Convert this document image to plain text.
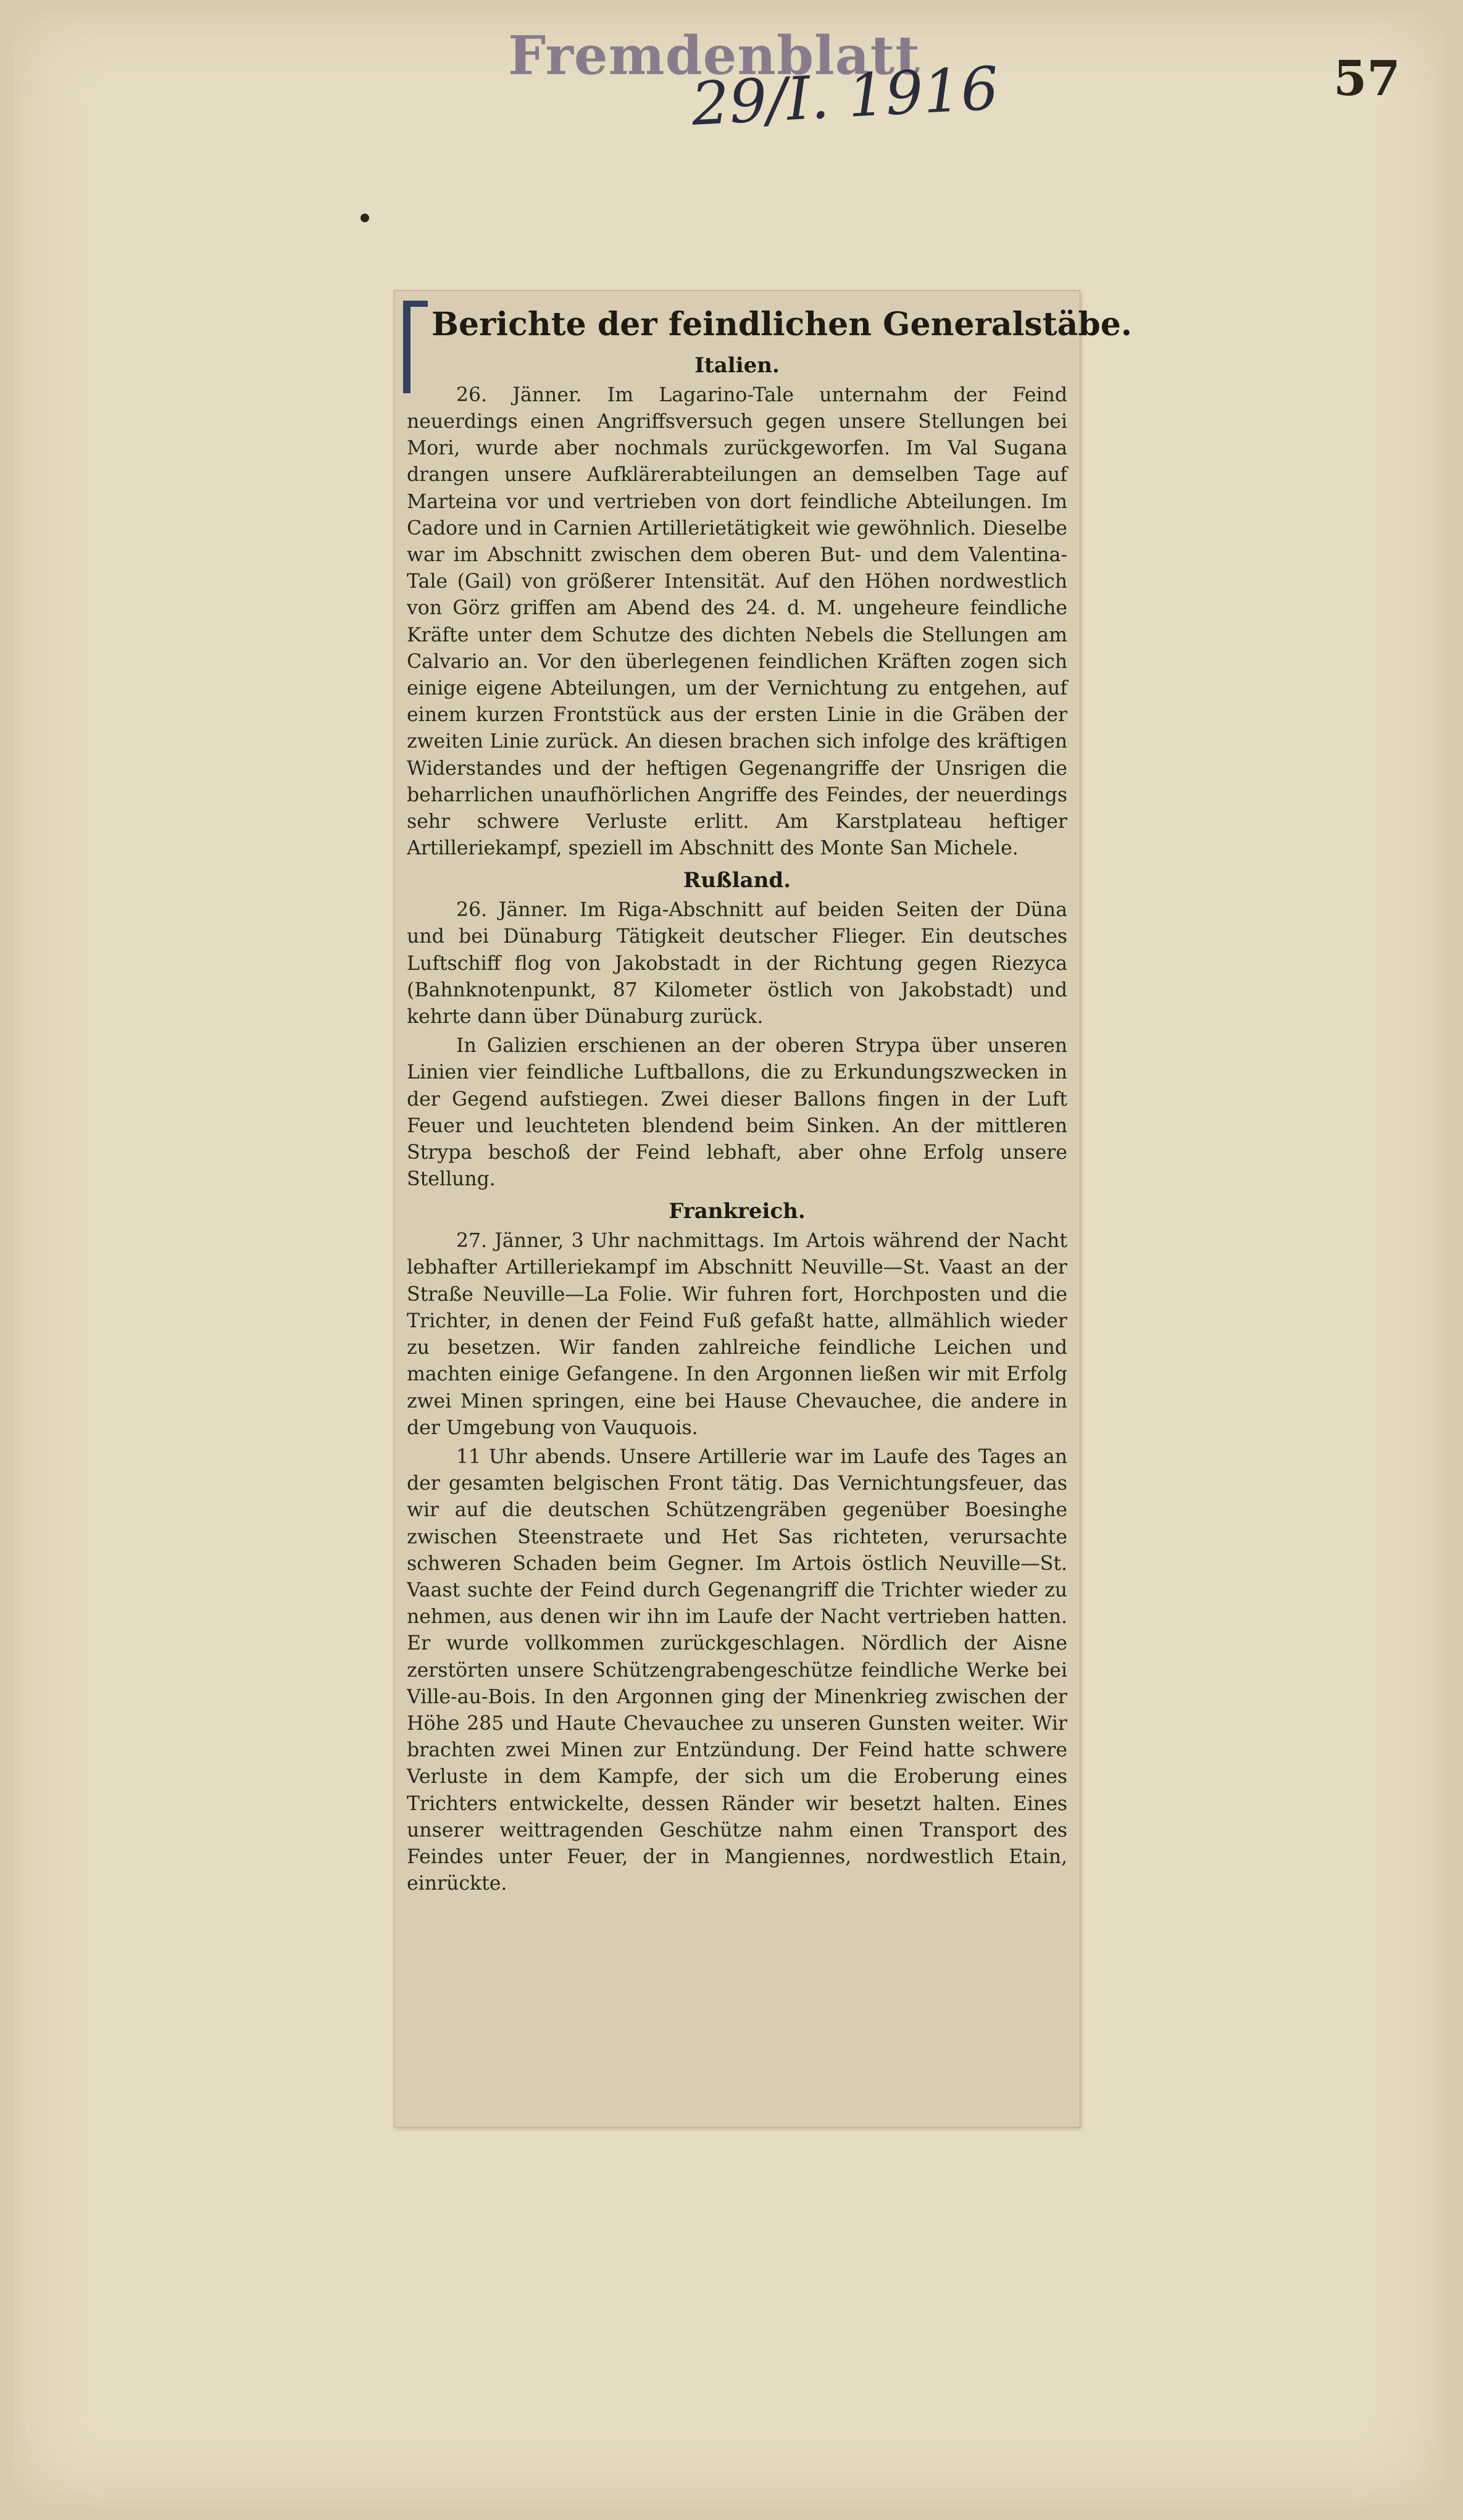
Fremdenblatt
29/I. 1916	57
Berichte der feindlichen Generalstäbe.
Italien.

26. Jänner. Im Lagarino-Tale unternahm der Feind neuerdings einen Angriffsversuch gegen unsere Stellungen bei Mori, wurde aber nochmals zurückgeworfen. Im Val Sugana drangen unsere Aufklärerabteilungen an demselben Tage auf Marteina vor und vertrieben von dort feindliche Abteilungen. Im Cadore und in Carnien Artillerietätigkeit wie gewöhnlich. Dieselbe war im Abschnitt zwischen dem oberen But- und dem Valentina-Tale (Gail) von größerer Intensität. Auf den Höhen nordwestlich von Görz griffen am Abend des 24. d. M. ungeheure feindliche Kräfte unter dem Schutze des dichten Nebels die Stellungen am Calvario an. Vor den überlegenen feindlichen Kräften zogen sich einige eigene Abteilungen, um der Vernichtung zu entgehen, auf einem kurzen Frontstück aus der ersten Linie in die Gräben der zweiten Linie zurück. An diesen brachen sich infolge des kräftigen Widerstandes und der heftigen Gegenangriffe der Unsrigen die beharrlichen unaufhörlichen Angriffe des Feindes, der neuerdings sehr schwere Verluste erlitt. Am Karstplateau heftiger Artilleriekampf, speziell im Abschnitt des Monte San Michele.

Rußland.

26. Jänner. Im Riga-Abschnitt auf beiden Seiten der Düna und bei Dünaburg Tätigkeit deutscher Flieger. Ein deutsches Luftschiff flog von Jakobstadt in der Richtung gegen Riezyca (Bahnknotenpunkt, 87 Kilometer östlich von Jakobstadt) und kehrte dann über Dünaburg zurück.

In Galizien erschienen an der oberen Strypa über unseren Linien vier feindliche Luftballons, die zu Erkundungszwecken in der Gegend aufstiegen. Zwei dieser Ballons fingen in der Luft Feuer und leuchteten blendend beim Sinken. An der mittleren Strypa beschoß der Feind lebhaft, aber ohne Erfolg unsere Stellung.

Frankreich.

27. Jänner, 3 Uhr nachmittags. Im Artois während der Nacht lebhafter Artilleriekampf im Abschnitt Neuville—St. Vaast an der Straße Neuville—La Folie. Wir fuhren fort, Horchposten und die Trichter, in denen der Feind Fuß gefaßt hatte, allmählich wieder zu besetzen. Wir fanden zahlreiche feindliche Leichen und machten einige Gefangene. In den Argonnen ließen wir mit Erfolg zwei Minen springen, eine bei Hause Chevauchee, die andere in der Umgebung von Vauquois.

11 Uhr abends. Unsere Artillerie war im Laufe des Tages an der gesamten belgischen Front tätig. Das Vernichtungsfeuer, das wir auf die deutschen Schützengräben gegenüber Boesinghe zwischen Steenstraete und Het Sas richteten, verursachte schweren Schaden beim Gegner. Im Artois östlich Neuville—St. Vaast suchte der Feind durch Gegenangriff die Trichter wieder zu nehmen, aus denen wir ihn im Laufe der Nacht vertrieben hatten. Er wurde vollkommen zurückgeschlagen. Nördlich der Aisne zerstörten unsere Schützengrabengeschütze feindliche Werke bei Ville-au-Bois. In den Argonnen ging der Minenkrieg zwischen der Höhe 285 und Haute Chevauchee zu unseren Gunsten weiter. Wir brachten zwei Minen zur Entzündung. Der Feind hatte schwere Verluste in dem Kampfe, der sich um die Eroberung eines Trichters entwickelte, dessen Ränder wir besetzt halten. Eines unserer weittragenden Geschütze nahm einen Transport des Feindes unter Feuer, der in Mangiennes, nordwestlich Etain, einrückte.
